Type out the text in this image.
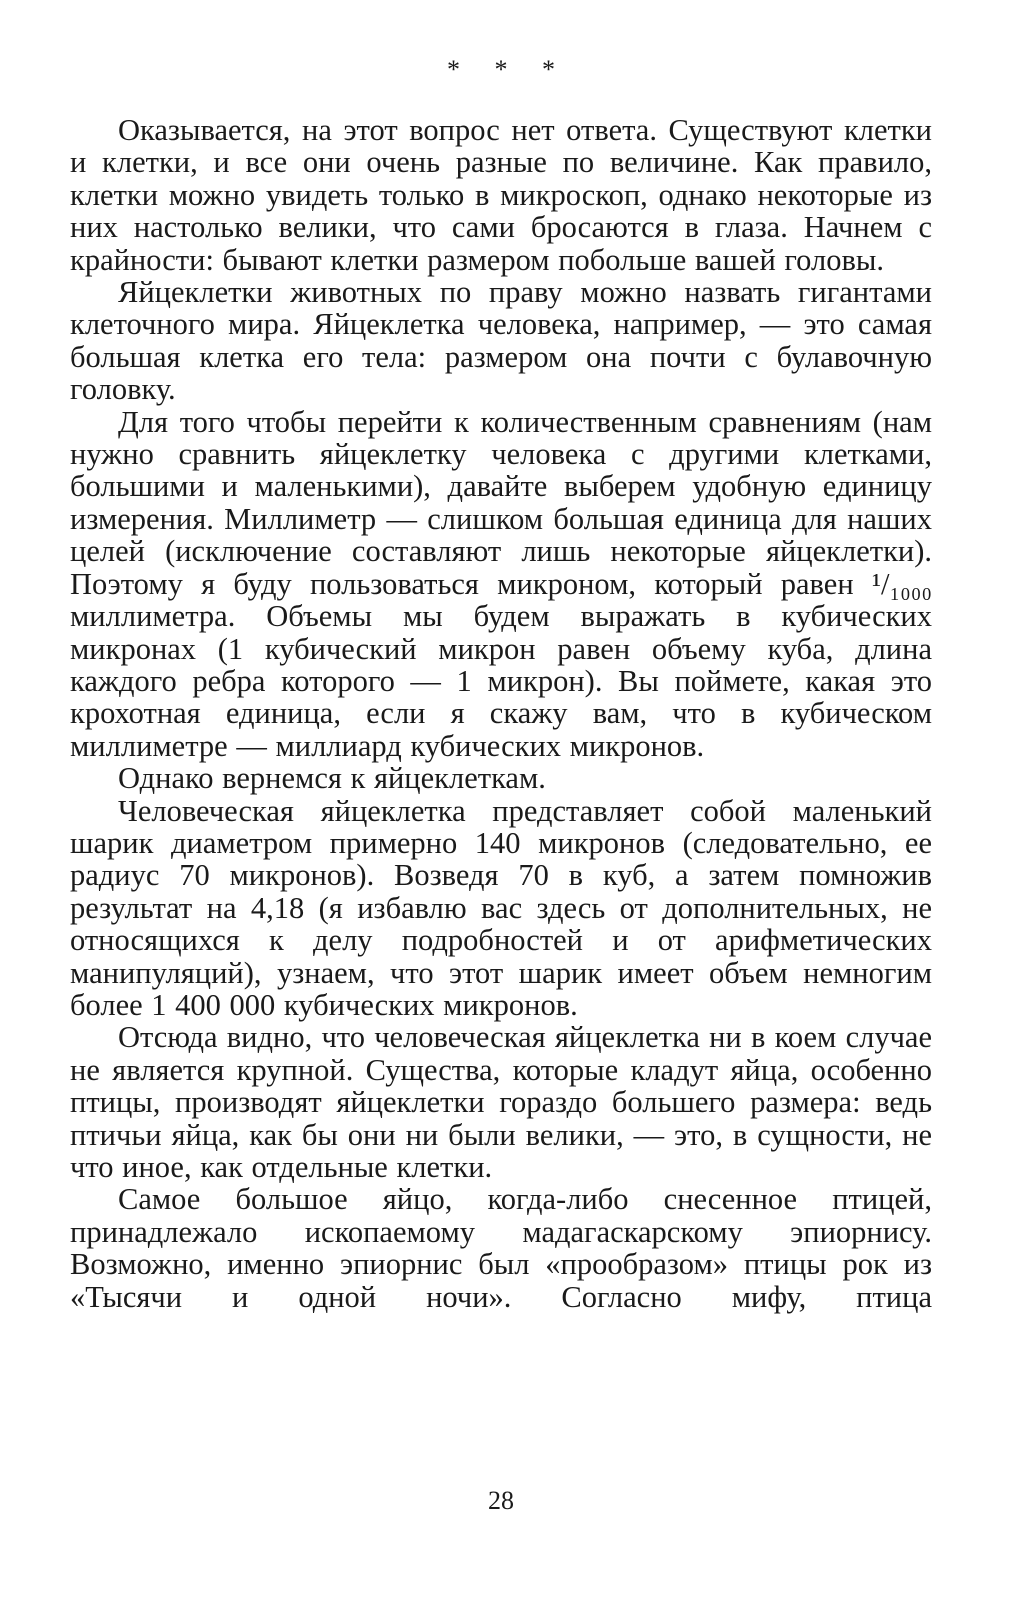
* * *

Оказывается, на этот вопрос нет ответа. Существуют клетки и клетки, и все они очень разные по величине. Как правило, клетки можно увидеть только в микроскоп, однако некоторые из них настолько велики, что сами бросаются в глаза. Начнем с крайности: бывают клетки размером побольше вашей головы.

Яйцеклетки животных по праву можно назвать гигантами клеточного мира. Яйцеклетка человека, например, — это самая большая клетка его тела: размером она почти с булавочную головку.

Для того чтобы перейти к количественным сравнениям (нам нужно сравнить яйцеклетку человека с другими клетками, большими и маленькими), давайте выберем удобную единицу измерения. Миллиметр — слишком большая единица для наших целей (исключение составляют лишь некоторые яйцеклетки). Поэтому я буду пользоваться микроном, который равен ¹/₁₀₀₀ миллиметра. Объемы мы будем выражать в кубических микронах (1 кубический микрон равен объему куба, длина каждого ребра которого — 1 микрон). Вы поймете, какая это крохотная единица, если я скажу вам, что в кубическом миллиметре — миллиард кубических микронов.

Однако вернемся к яйцеклеткам.

Человеческая яйцеклетка представляет собой маленький шарик диаметром примерно 140 микронов (следовательно, ее радиус 70 микронов). Возведя 70 в куб, а затем помножив результат на 4,18 (я избавлю вас здесь от дополнительных, не относящихся к делу подробностей и от арифметических манипуляций), узнаем, что этот шарик имеет объем немногим более 1 400 000 кубических микронов.

Отсюда видно, что человеческая яйцеклетка ни в коем случае не является крупной. Существа, которые кладут яйца, особенно птицы, производят яйцеклетки гораздо большего размера: ведь птичьи яйца, как бы они ни были велики, — это, в сущности, не что иное, как отдельные клетки.

Самое большое яйцо, когда-либо снесенное птицей, принадлежало ископаемому мадагаскарскому эпиорнису. Возможно, именно эпиорнис был «прообразом» птицы рок из «Тысячи и одной ночи». Согласно мифу, птица

28
